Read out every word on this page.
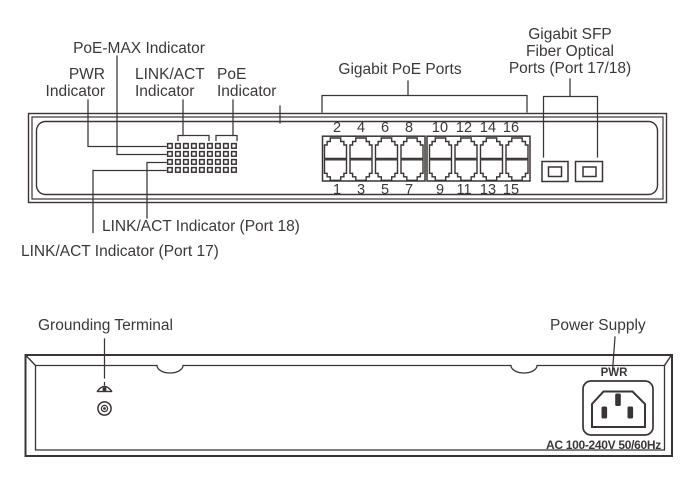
PoE-MAX Indicator
PWR
Indicator
LINK/ACT
Indicator
PoE
Indicator
Gigabit PoE Ports
Gigabit SFP
Fiber Optical
Ports (Port 17/18)
LINK/ACT Indicator (Port 18)
LINK/ACT Indicator (Port 17)
2	4	6	8	10 12 14 16
1	3	5	7	9 11 13 15
Grounding Terminal	Power Supply
PWR
AC 100-240V 50/60Hz
